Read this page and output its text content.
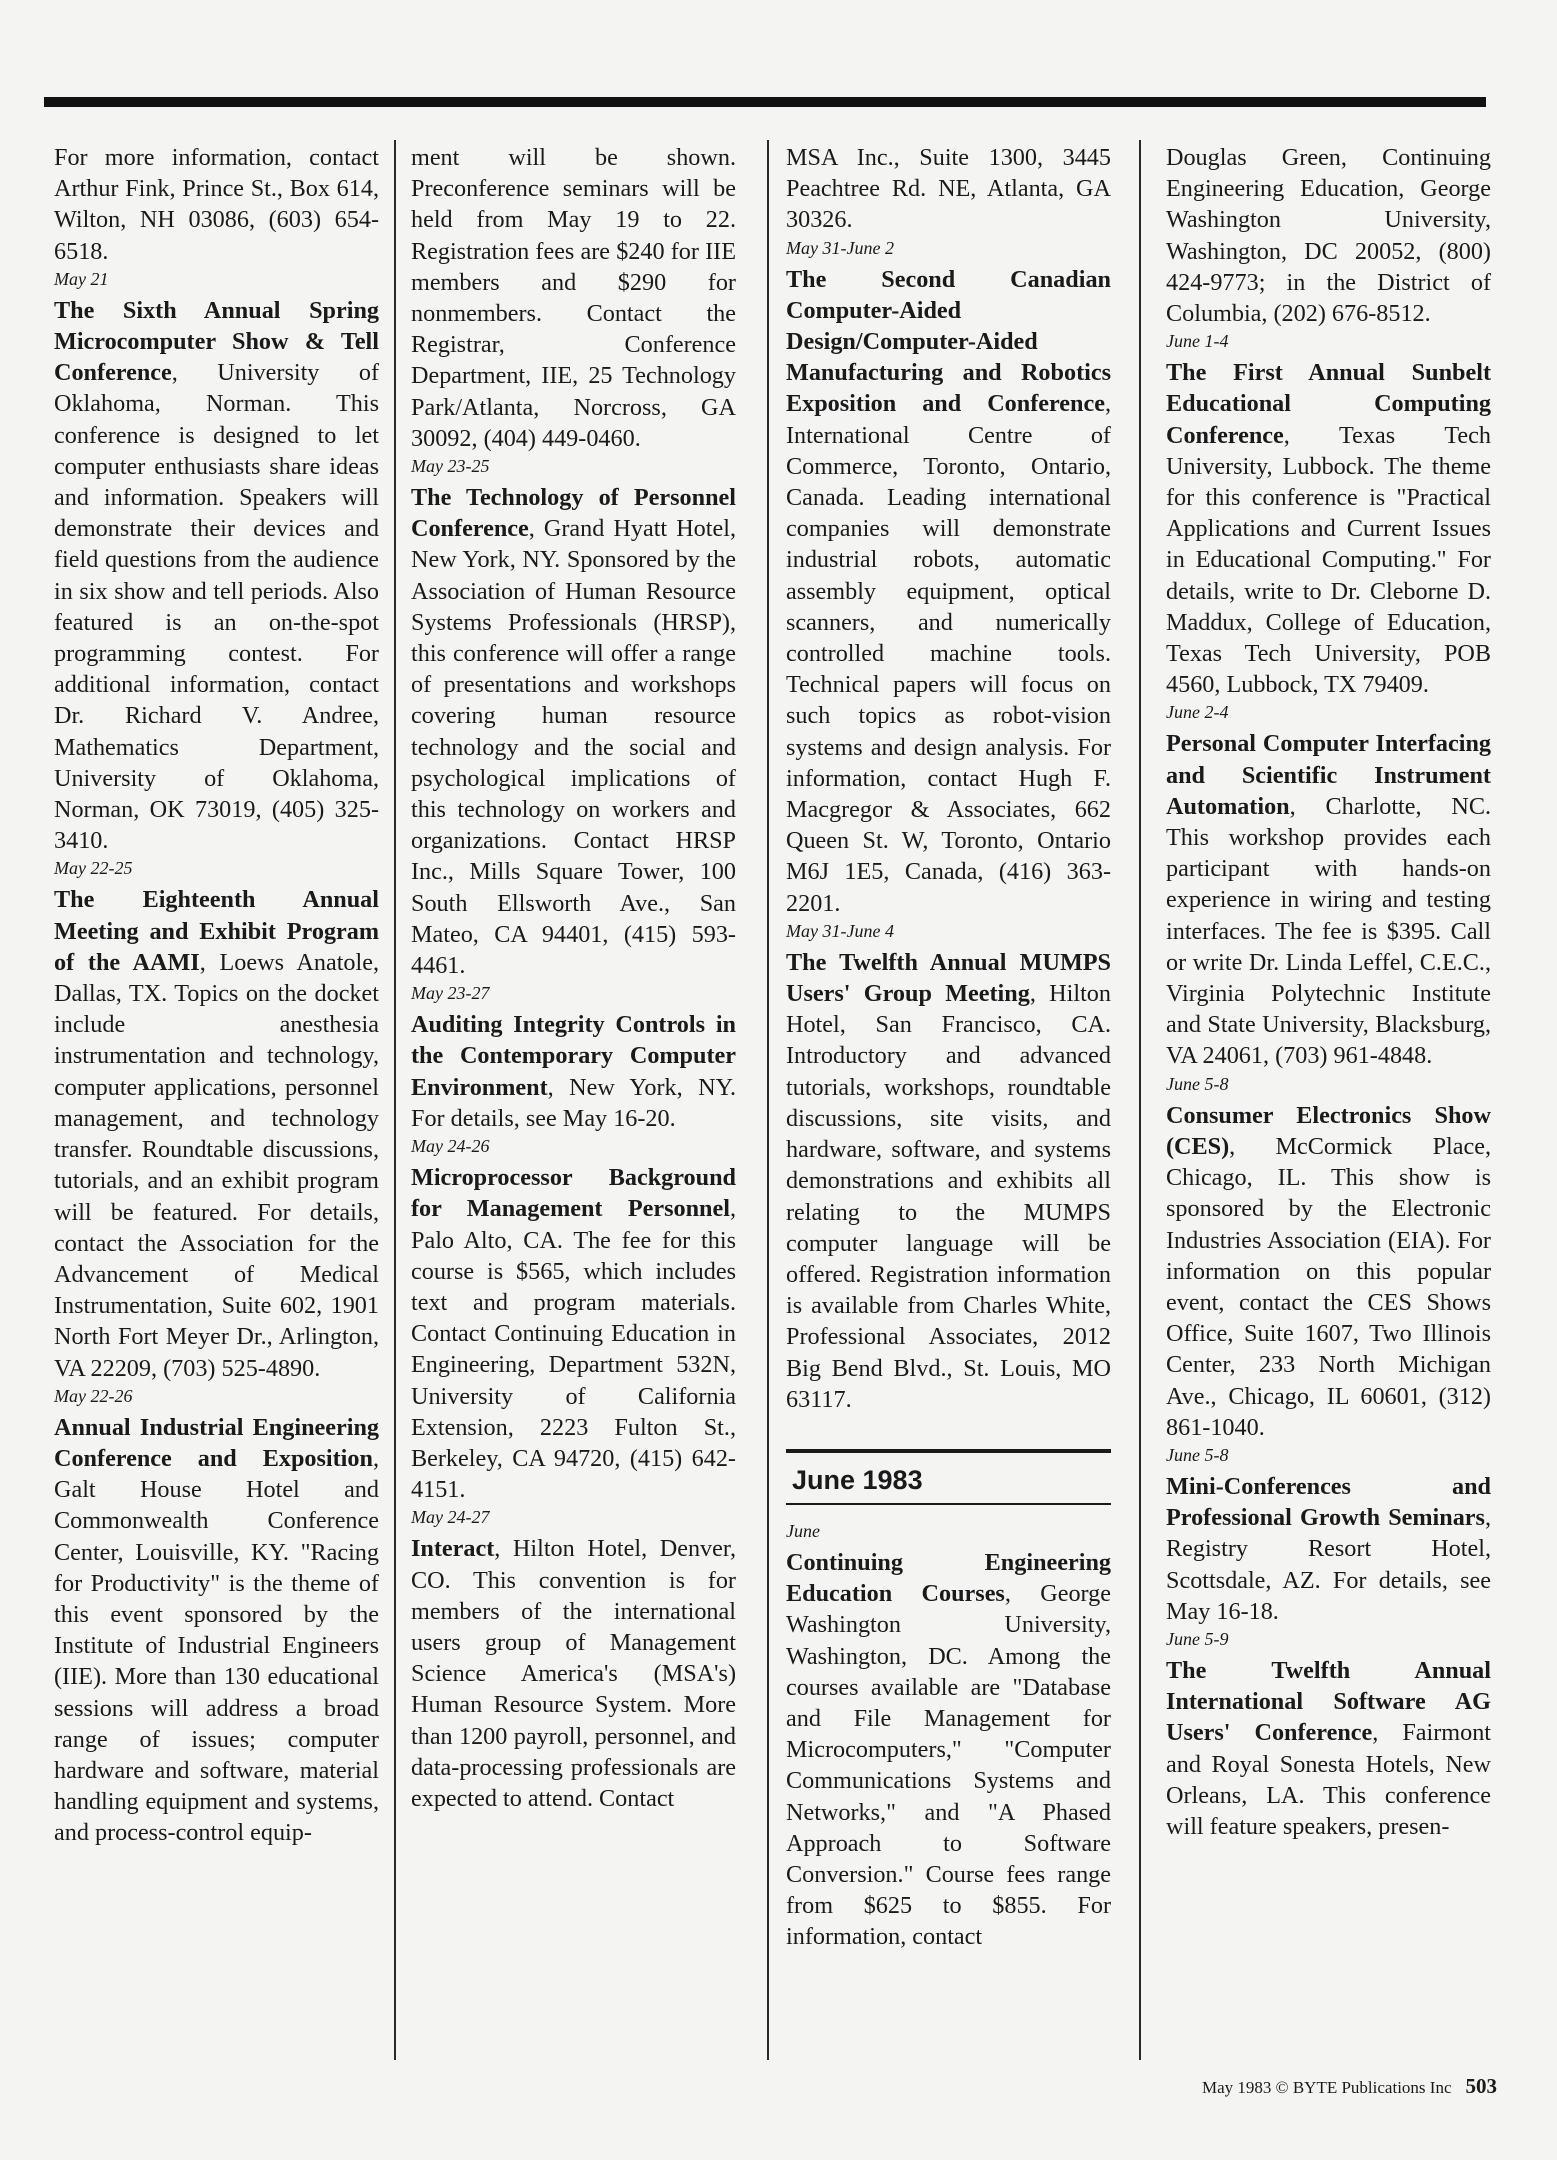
For more information, contact Arthur Fink, Prince St., Box 614, Wilton, NH 03086, (603) 654-6518.

May 21

The Sixth Annual Spring Microcomputer Show & Tell Conference, University of Oklahoma, Norman. This conference is designed to let computer enthusiasts share ideas and information. Speakers will demonstrate their devices and field questions from the audience in six show and tell periods. Also featured is an on-the-spot programming contest. For additional information, contact Dr. Richard V. Andree, Mathematics Department, University of Oklahoma, Norman, OK 73019, (405) 325-3410.

May 22-25

The Eighteenth Annual Meeting and Exhibit Program of the AAMI, Loews Anatole, Dallas, TX. Topics on the docket include anesthesia instrumentation and technology, computer applications, personnel management, and technology transfer. Roundtable discussions, tutorials, and an exhibit program will be featured. For details, contact the Association for the Advancement of Medical Instrumentation, Suite 602, 1901 North Fort Meyer Dr., Arlington, VA 22209, (703) 525-4890.

May 22-26

Annual Industrial Engineering Conference and Exposition, Galt House Hotel and Commonwealth Conference Center, Louisville, KY. "Racing for Productivity" is the theme of this event sponsored by the Institute of Industrial Engineers (IIE). More than 130 educational sessions will address a broad range of issues; computer hardware and software, material handling equipment and systems, and process-control equip-

ment will be shown. Preconference seminars will be held from May 19 to 22. Registration fees are $240 for IIE members and $290 for nonmembers. Contact the Registrar, Conference Department, IIE, 25 Technology Park/Atlanta, Norcross, GA 30092, (404) 449-0460.

May 23-25

The Technology of Personnel Conference, Grand Hyatt Hotel, New York, NY. Sponsored by the Association of Human Resource Systems Professionals (HRSP), this conference will offer a range of presentations and workshops covering human resource technology and the social and psychological implications of this technology on workers and organizations. Contact HRSP Inc., Mills Square Tower, 100 South Ellsworth Ave., San Mateo, CA 94401, (415) 593-4461.

May 23-27

Auditing Integrity Controls in the Contemporary Computer Environment, New York, NY. For details, see May 16-20.

May 24-26

Microprocessor Background for Management Personnel, Palo Alto, CA. The fee for this course is $565, which includes text and program materials. Contact Continuing Education in Engineering, Department 532N, University of California Extension, 2223 Fulton St., Berkeley, CA 94720, (415) 642-4151.

May 24-27

Interact, Hilton Hotel, Denver, CO. This convention is for members of the international users group of Management Science America's (MSA's) Human Resource System. More than 1200 payroll, personnel, and data-processing professionals are expected to attend. Contact

MSA Inc., Suite 1300, 3445 Peachtree Rd. NE, Atlanta, GA 30326.

May 31-June 2

The Second Canadian Computer-Aided Design/Computer-Aided Manufacturing and Robotics Exposition and Conference, International Centre of Commerce, Toronto, Ontario, Canada. Leading international companies will demonstrate industrial robots, automatic assembly equipment, optical scanners, and numerically controlled machine tools. Technical papers will focus on such topics as robot-vision systems and design analysis. For information, contact Hugh F. Macgregor & Associates, 662 Queen St. W, Toronto, Ontario M6J 1E5, Canada, (416) 363-2201.

May 31-June 4

The Twelfth Annual MUMPS Users' Group Meeting, Hilton Hotel, San Francisco, CA. Introductory and advanced tutorials, workshops, roundtable discussions, site visits, and hardware, software, and systems demonstrations and exhibits all relating to the MUMPS computer language will be offered. Registration information is available from Charles White, Professional Associates, 2012 Big Bend Blvd., St. Louis, MO 63117.

June 1983

June

Continuing Engineering Education Courses, George Washington University, Washington, DC. Among the courses available are "Database and File Management for Microcomputers," "Computer Communications Systems and Networks," and "A Phased Approach to Software Conversion." Course fees range from $625 to $855. For information, contact

Douglas Green, Continuing Engineering Education, George Washington University, Washington, DC 20052, (800) 424-9773; in the District of Columbia, (202) 676-8512.

June 1-4

The First Annual Sunbelt Educational Computing Conference, Texas Tech University, Lubbock. The theme for this conference is "Practical Applications and Current Issues in Educational Computing." For details, write to Dr. Cleborne D. Maddux, College of Education, Texas Tech University, POB 4560, Lubbock, TX 79409.

June 2-4

Personal Computer Interfacing and Scientific Instrument Automation, Charlotte, NC. This workshop provides each participant with hands-on experience in wiring and testing interfaces. The fee is $395. Call or write Dr. Linda Leffel, C.E.C., Virginia Polytechnic Institute and State University, Blacksburg, VA 24061, (703) 961-4848.

June 5-8

Consumer Electronics Show (CES), McCormick Place, Chicago, IL. This show is sponsored by the Electronic Industries Association (EIA). For information on this popular event, contact the CES Shows Office, Suite 1607, Two Illinois Center, 233 North Michigan Ave., Chicago, IL 60601, (312) 861-1040.

June 5-8

Mini-Conferences and Professional Growth Seminars, Registry Resort Hotel, Scottsdale, AZ. For details, see May 16-18.

June 5-9

The Twelfth Annual International Software AG Users' Conference, Fairmont and Royal Sonesta Hotels, New Orleans, LA. This conference will feature speakers, presen-

May 1983 © BYTE Publications Inc 503
